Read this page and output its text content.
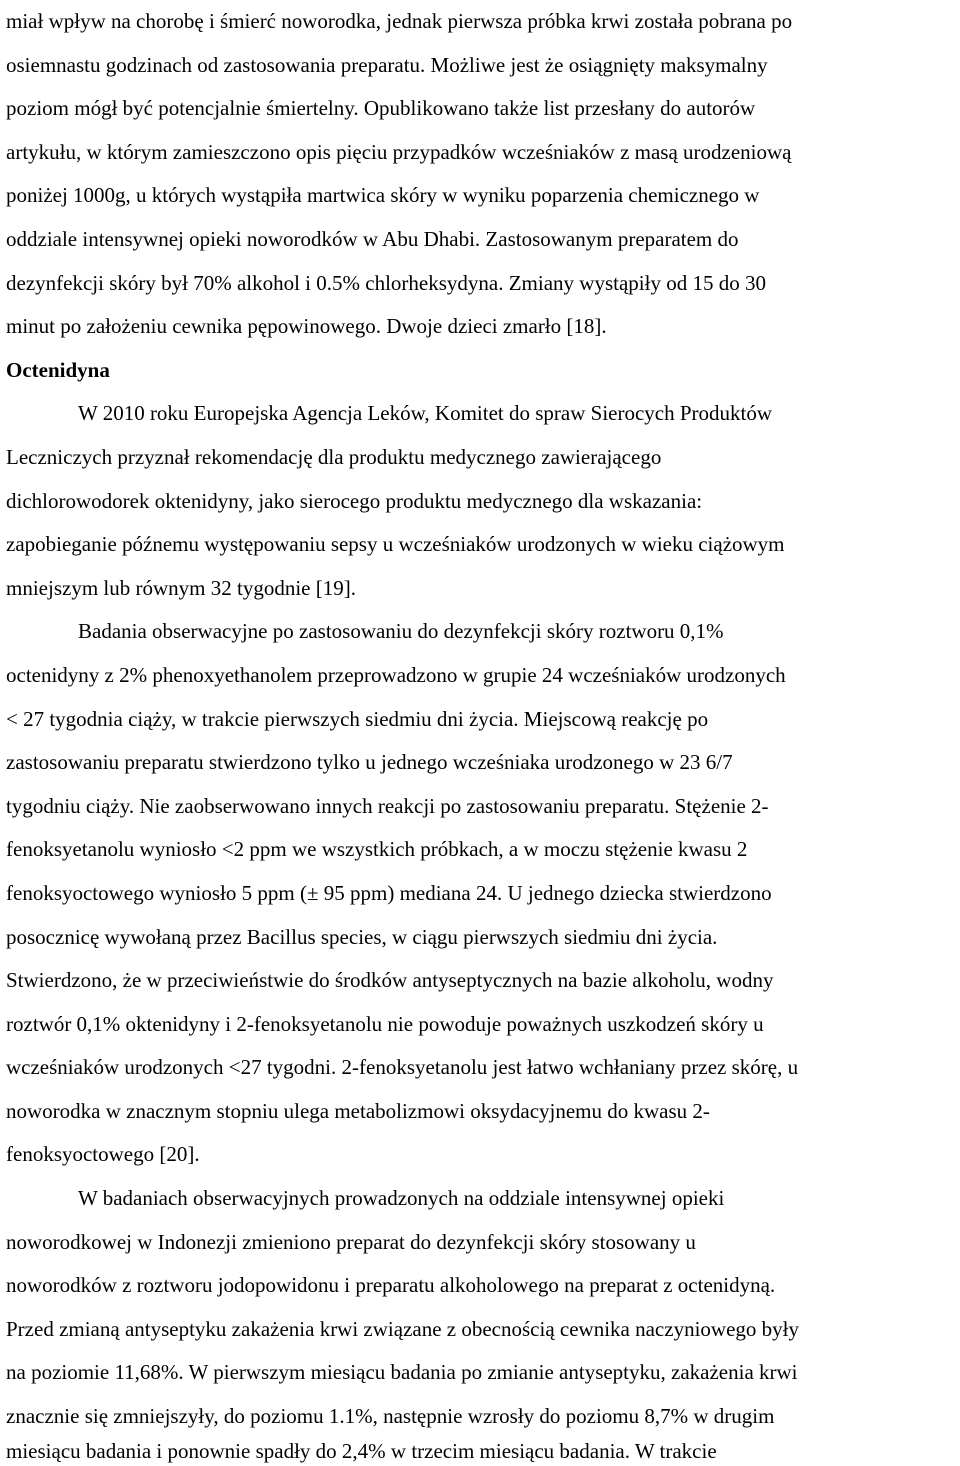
miał wpływ na chorobę i śmierć noworodka, jednak pierwsza próbka krwi została pobrana po
osiemnastu godzinach od zastosowania preparatu. Możliwe jest że osiągnięty maksymalny
poziom mógł być potencjalnie śmiertelny. Opublikowano także list przesłany do autorów
artykułu, w którym zamieszczono opis pięciu przypadków wcześniaków z masą urodzeniową
poniżej 1000g, u których wystąpiła martwica skóry w wyniku poparzenia chemicznego w
oddziale intensywnej opieki noworodków w Abu Dhabi. Zastosowanym preparatem do
dezynfekcji skóry był 70% alkohol i 0.5% chlorheksydyna. Zmiany wystąpiły od 15 do 30
minut po założeniu cewnika pępowinowego. Dwoje dzieci zmarło [18].
Octenidyna
W 2010 roku Europejska Agencja Leków, Komitet do spraw Sierocych Produktów
Leczniczych przyznał rekomendację dla produktu medycznego zawierającego
dichlorowodorek oktenidyny, jako sierocego produktu medycznego dla wskazania:
zapobieganie późnemu występowaniu sepsy u wcześniaków urodzonych w wieku ciążowym
mniejszym lub równym 32 tygodnie [19].
Badania obserwacyjne po zastosowaniu do dezynfekcji skóry roztworu 0,1%
octenidyny z 2% phenoxyethanolem przeprowadzono w grupie 24 wcześniaków urodzonych
< 27 tygodnia ciąży, w trakcie pierwszych siedmiu dni życia. Miejscową reakcję po
zastosowaniu preparatu stwierdzono tylko u jednego wcześniaka urodzonego w 23 6/7
tygodniu ciąży. Nie zaobserwowano innych reakcji po zastosowaniu preparatu. Stężenie 2-
fenoksyetanolu wyniosło <2 ppm we wszystkich próbkach, a w moczu stężenie kwasu 2
fenoksyoctowego wyniosło 5 ppm (± 95 ppm) mediana 24. U jednego dziecka stwierdzono
posocznicę wywołaną przez Bacillus species, w ciągu pierwszych siedmiu dni życia.
Stwierdzono, że w przeciwieństwie do środków antyseptycznych na bazie alkoholu, wodny
roztwór 0,1% oktenidyny i 2-fenoksyetanolu nie powoduje poważnych uszkodzeń skóry u
wcześniaków urodzonych <27 tygodni. 2-fenoksyetanolu jest łatwo wchłaniany przez skórę, u
noworodka w znacznym stopniu ulega metabolizmowi oksydacyjnemu do kwasu 2-
fenoksyoctowego [20].
W badaniach obserwacyjnych prowadzonych na oddziale intensywnej opieki
noworodkowej w Indonezji zmieniono preparat do dezynfekcji skóry stosowany u
noworodków z roztworu jodopowidonu i preparatu alkoholowego na preparat z octenidyną.
Przed zmianą antyseptyku zakażenia krwi związane z obecnością cewnika naczyniowego były
na poziomie 11,68%. W pierwszym miesiącu badania po zmianie antyseptyku, zakażenia krwi
znacznie się zmniejszyły, do poziomu 1.1%, następnie wzrosły do poziomu 8,7% w drugim
miesiącu badania i ponownie spadły do 2,4% w trzecim miesiącu badania. W trakcie
